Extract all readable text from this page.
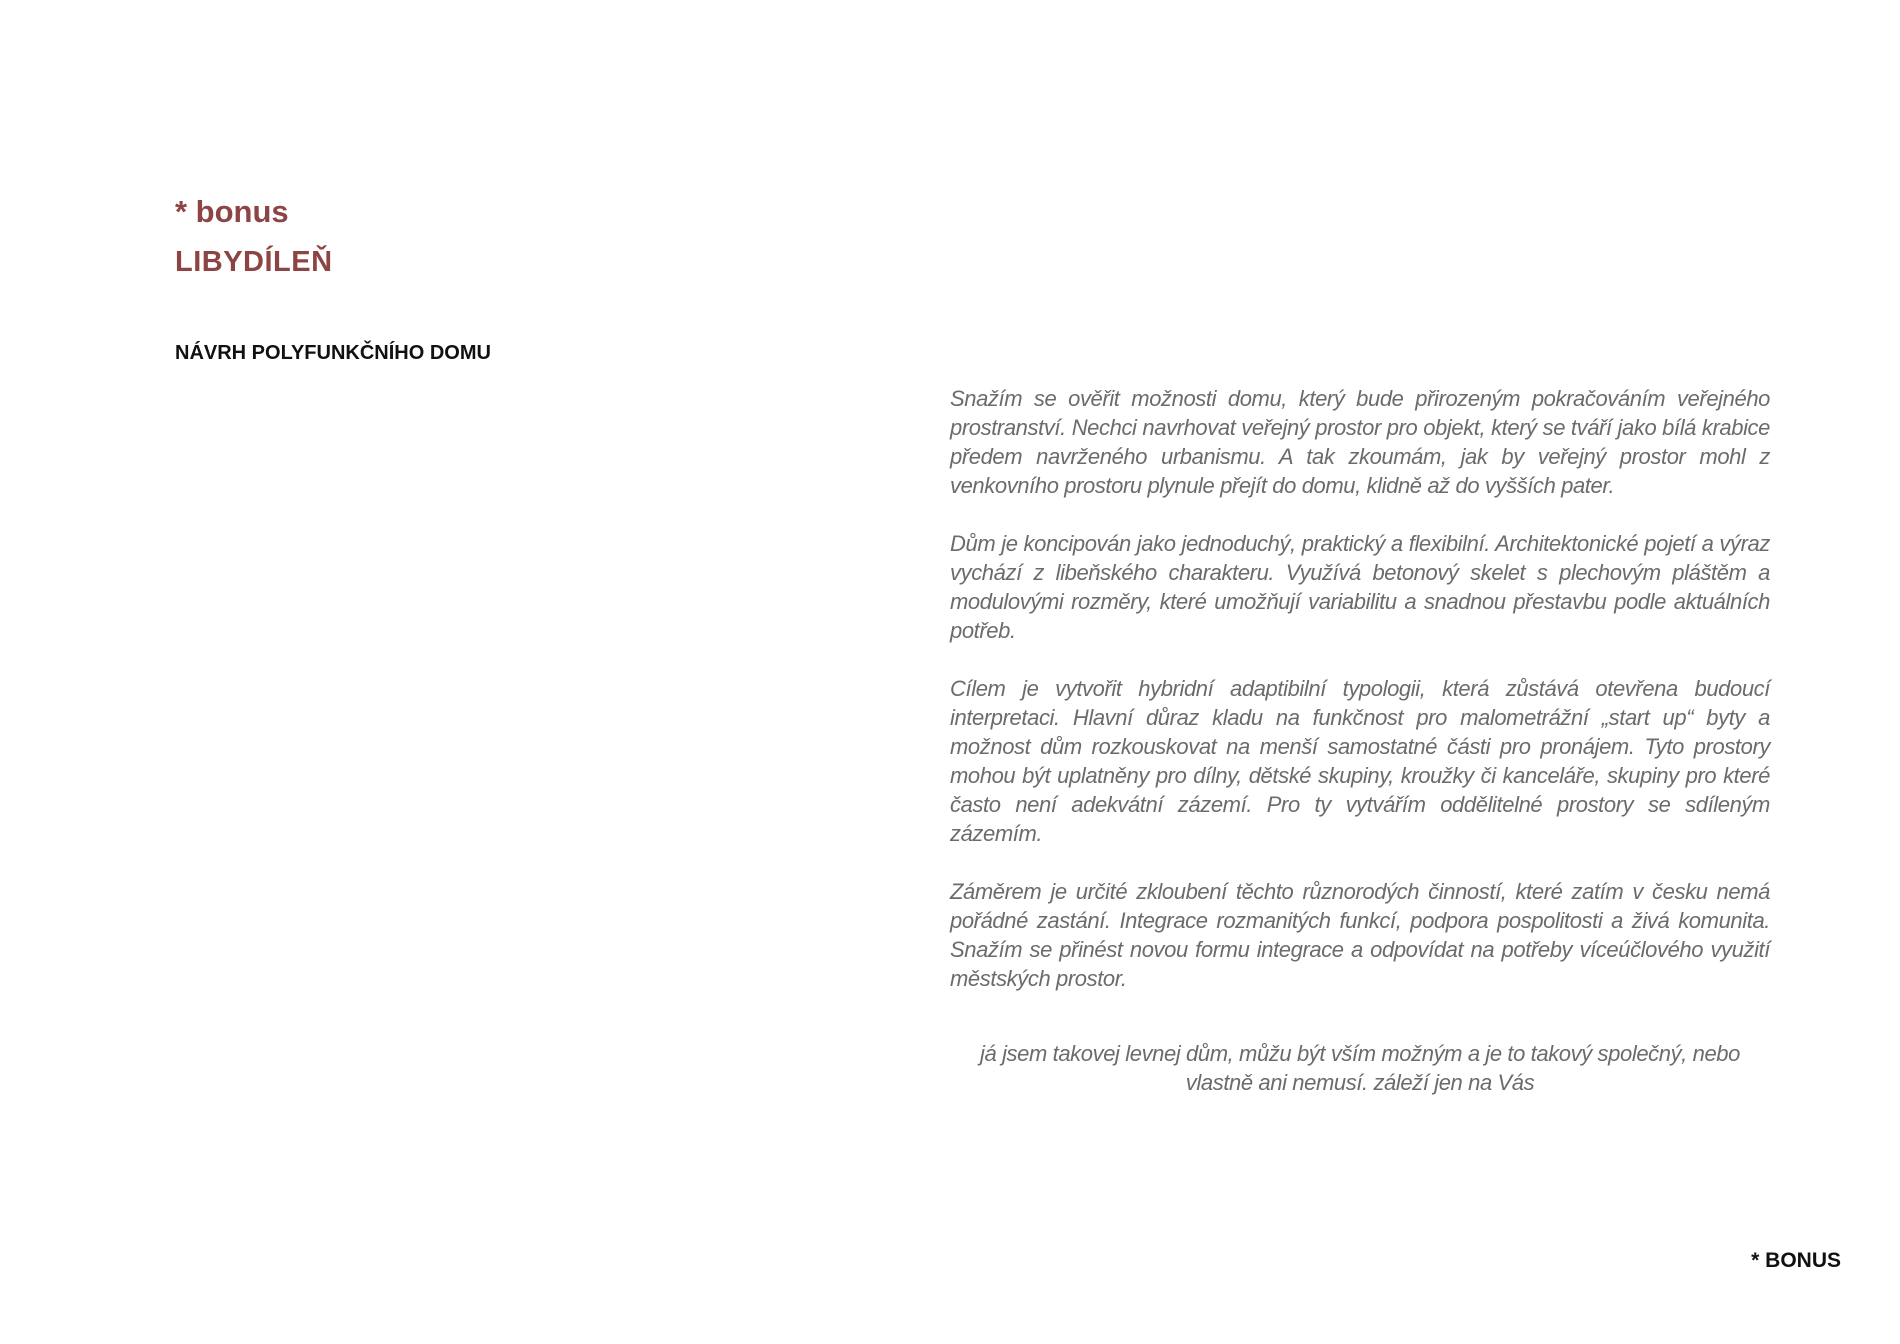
* bonus
LIBYDÍLEŇ
NÁVRH POLYFUNKČNÍHO DOMU

Snažím se ověřit možnosti domu, který bude přirozeným pokračováním veřejného prostranství. Nechci navrhovat veřejný prostor pro objekt, který se tváří jako bílá krabice předem navrženého urbanismu. A tak zkoumám, jak by veřejný prostor mohl z venkovního prostoru plynule přejít do domu, klidně až do vyšších pater.

Dům je koncipován jako jednoduchý, praktický a flexibilní. Architektonické pojetí a výraz vychází z libeňského charakteru. Využívá betonový skelet s plechovým pláštěm a modulovými rozměry, které umožňují variabilitu a snadnou přestavbu podle aktuálních potřeb.

Cílem je vytvořit hybridní adaptibilní typologii, která zůstává otevřena budoucí interpretaci. Hlavní důraz kladu na funkčnost pro malometrážní „start up“ byty a možnost dům rozkouskovat na menší samostatné části pro pronájem. Tyto prostory mohou být uplatněny pro dílny, dětské skupiny, kroužky či kanceláře, skupiny pro které často není adekvátní zázemí. Pro ty vytvářím oddělitelné prostory se sdíleným zázemím.

Záměrem je určité zkloubení těchto různorodých činností, které zatím v česku nemá pořádné zastání. Integrace rozmanitých funkcí, podpora pospolitosti a živá komunita. Snažím se přinést novou formu integrace a odpovídat na potřeby víceúčlového využití městských prostor.

já jsem takovej levnej dům, můžu být vším možným a je to takový společný, nebo vlastně ani nemusí. záleží jen na Vás

* BONUS
